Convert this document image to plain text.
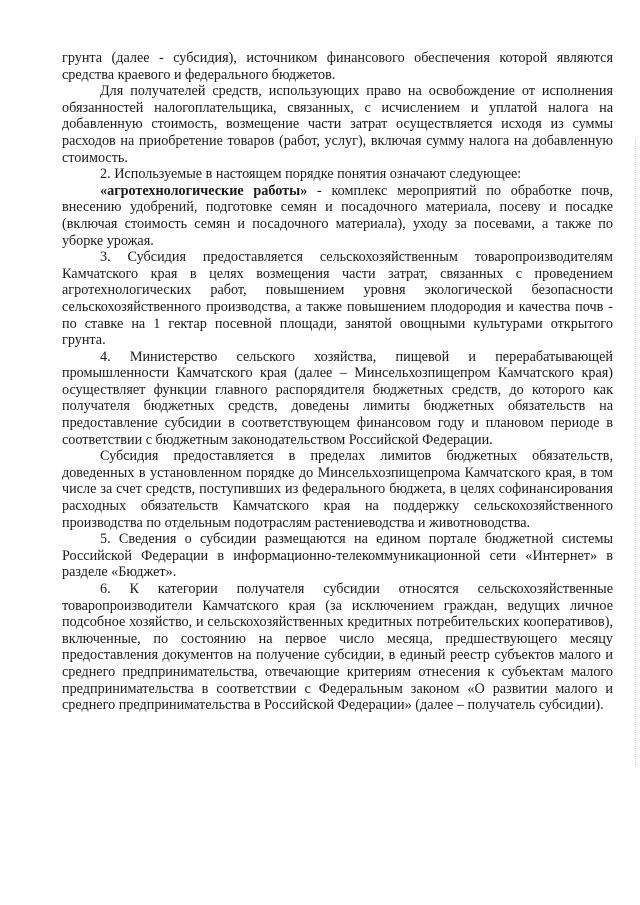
грунта (далее - субсидия), источником финансового обеспечения которой являются средства краевого и федерального бюджетов.

Для получателей средств, использующих право на освобождение от исполнения обязанностей налогоплательщика, связанных, с исчислением и уплатой налога на добавленную стоимость, возмещение части затрат осуществляется исходя из суммы расходов на приобретение товаров (работ, услуг), включая сумму налога на добавленную стоимость.

2. Используемые в настоящем порядке понятия означают следующее:

«агротехнологические работы» - комплекс мероприятий по обработке почв, внесению удобрений, подготовке семян и посадочного материала, посеву и посадке (включая стоимость семян и посадочного материала), уходу за посевами, а также по уборке урожая.

3. Субсидия предоставляется сельскохозяйственным товаропроизводителям Камчатского края в целях возмещения части затрат, связанных с проведением агротехнологических работ, повышением уровня экологической безопасности сельскохозяйственного производства, а также повышением плодородия и качества почв - по ставке на 1 гектар посевной площади, занятой овощными культурами открытого грунта.

4. Министерство сельского хозяйства, пищевой и перерабатывающей промышленности Камчатского края (далее – Минсельхозпищепром Камчатского края) осуществляет функции главного распорядителя бюджетных средств, до которого как получателя бюджетных средств, доведены лимиты бюджетных обязательств на предоставление субсидии в соответствующем финансовом году и плановом периоде в соответствии с бюджетным законодательством Российской Федерации.

Субсидия предоставляется в пределах лимитов бюджетных обязательств, доведенных в установленном порядке до Минсельхозпищепрома Камчатского края, в том числе за счет средств, поступивших из федерального бюджета, в целях софинансирования расходных обязательств Камчатского края на поддержку сельскохозяйственного производства по отдельным подотраслям растениеводства и животноводства.

5. Сведения о субсидии размещаются на едином портале бюджетной системы Российской Федерации в информационно-телекоммуникационной сети «Интернет» в разделе «Бюджет».

6. К категории получателя субсидии относятся сельскохозяйственные товаропроизводители Камчатского края (за исключением граждан, ведущих личное подсобное хозяйство, и сельскохозяйственных кредитных потребительских кооперативов), включенные, по состоянию на первое число месяца, предшествующего месяцу предоставления документов на получение субсидии, в единый реестр субъектов малого и среднего предпринимательства, отвечающие критериям отнесения к субъектам малого предпринимательства в соответствии с Федеральным законом «О развитии малого и среднего предпринимательства в Российской Федерации» (далее – получатель субсидии).
